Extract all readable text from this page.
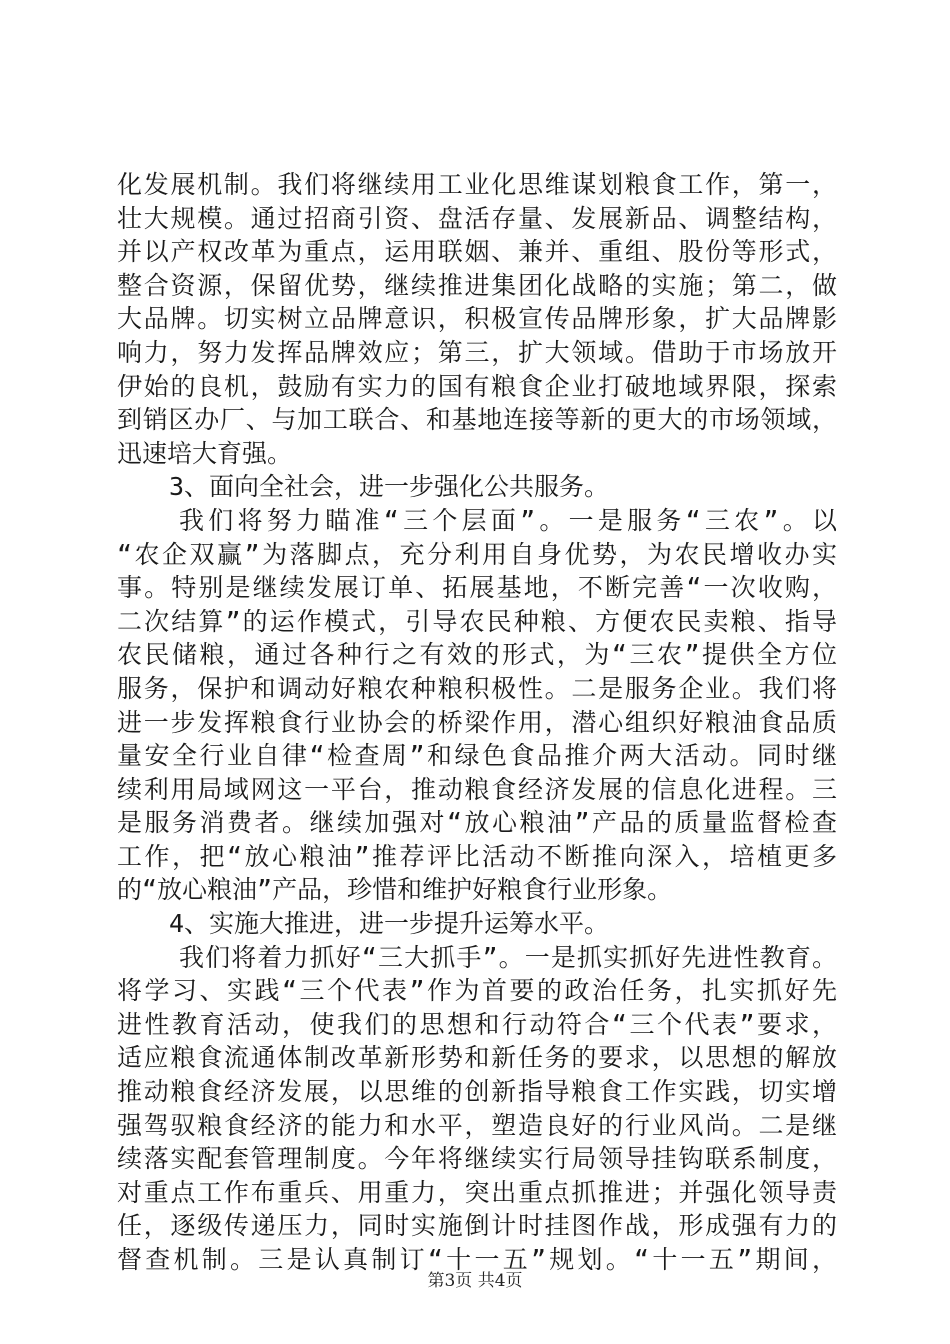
化发展机制。我们将继续用工业化思维谋划粮食工作，第一，
壮大规模。通过招商引资、盘活存量、发展新品、调整结构，
并以产权改革为重点，运用联姻、兼并、重组、股份等形式，
整合资源，保留优势，继续推进集团化战略的实施；第二，做
大品牌。切实树立品牌意识，积极宣传品牌形象，扩大品牌影
响力，努力发挥品牌效应；第三，扩大领域。借助于市场放开
伊始的良机，鼓励有实力的国有粮食企业打破地域界限，探索
到销区办厂、与加工联合、和基地连接等新的更大的市场领域，
迅速培大育强。
3、面向全社会，进一步强化公共服务。
我们将努力瞄准“三个层面”。一是服务“三农”。以
“农企双赢”为落脚点，充分利用自身优势，为农民增收办实
事。特别是继续发展订单、拓展基地，不断完善“一次收购，
二次结算”的运作模式，引导农民种粮、方便农民卖粮、指导
农民储粮，通过各种行之有效的形式，为“三农”提供全方位
服务，保护和调动好粮农种粮积极性。二是服务企业。我们将
进一步发挥粮食行业协会的桥梁作用，潜心组织好粮油食品质
量安全行业自律“检查周”和绿色食品推介两大活动。同时继
续利用局域网这一平台，推动粮食经济发展的信息化进程。三
是服务消费者。继续加强对“放心粮油”产品的质量监督检查
工作，把“放心粮油”推荐评比活动不断推向深入，培植更多
的“放心粮油”产品，珍惜和维护好粮食行业形象。
4、实施大推进，进一步提升运筹水平。
我们将着力抓好“三大抓手”。一是抓实抓好先进性教育。
将学习、实践“三个代表”作为首要的政治任务，扎实抓好先
进性教育活动，使我们的思想和行动符合“三个代表”要求，
适应粮食流通体制改革新形势和新任务的要求，以思想的解放
推动粮食经济发展，以思维的创新指导粮食工作实践，切实增
强驾驭粮食经济的能力和水平，塑造良好的行业风尚。二是继
续落实配套管理制度。今年将继续实行局领导挂钩联系制度，
对重点工作布重兵、用重力，突出重点抓推进；并强化领导责
任，逐级传递压力，同时实施倒计时挂图作战，形成强有力的
督查机制。三是认真制订“十一五”规划。“十一五”期间，
第3页 共4页
